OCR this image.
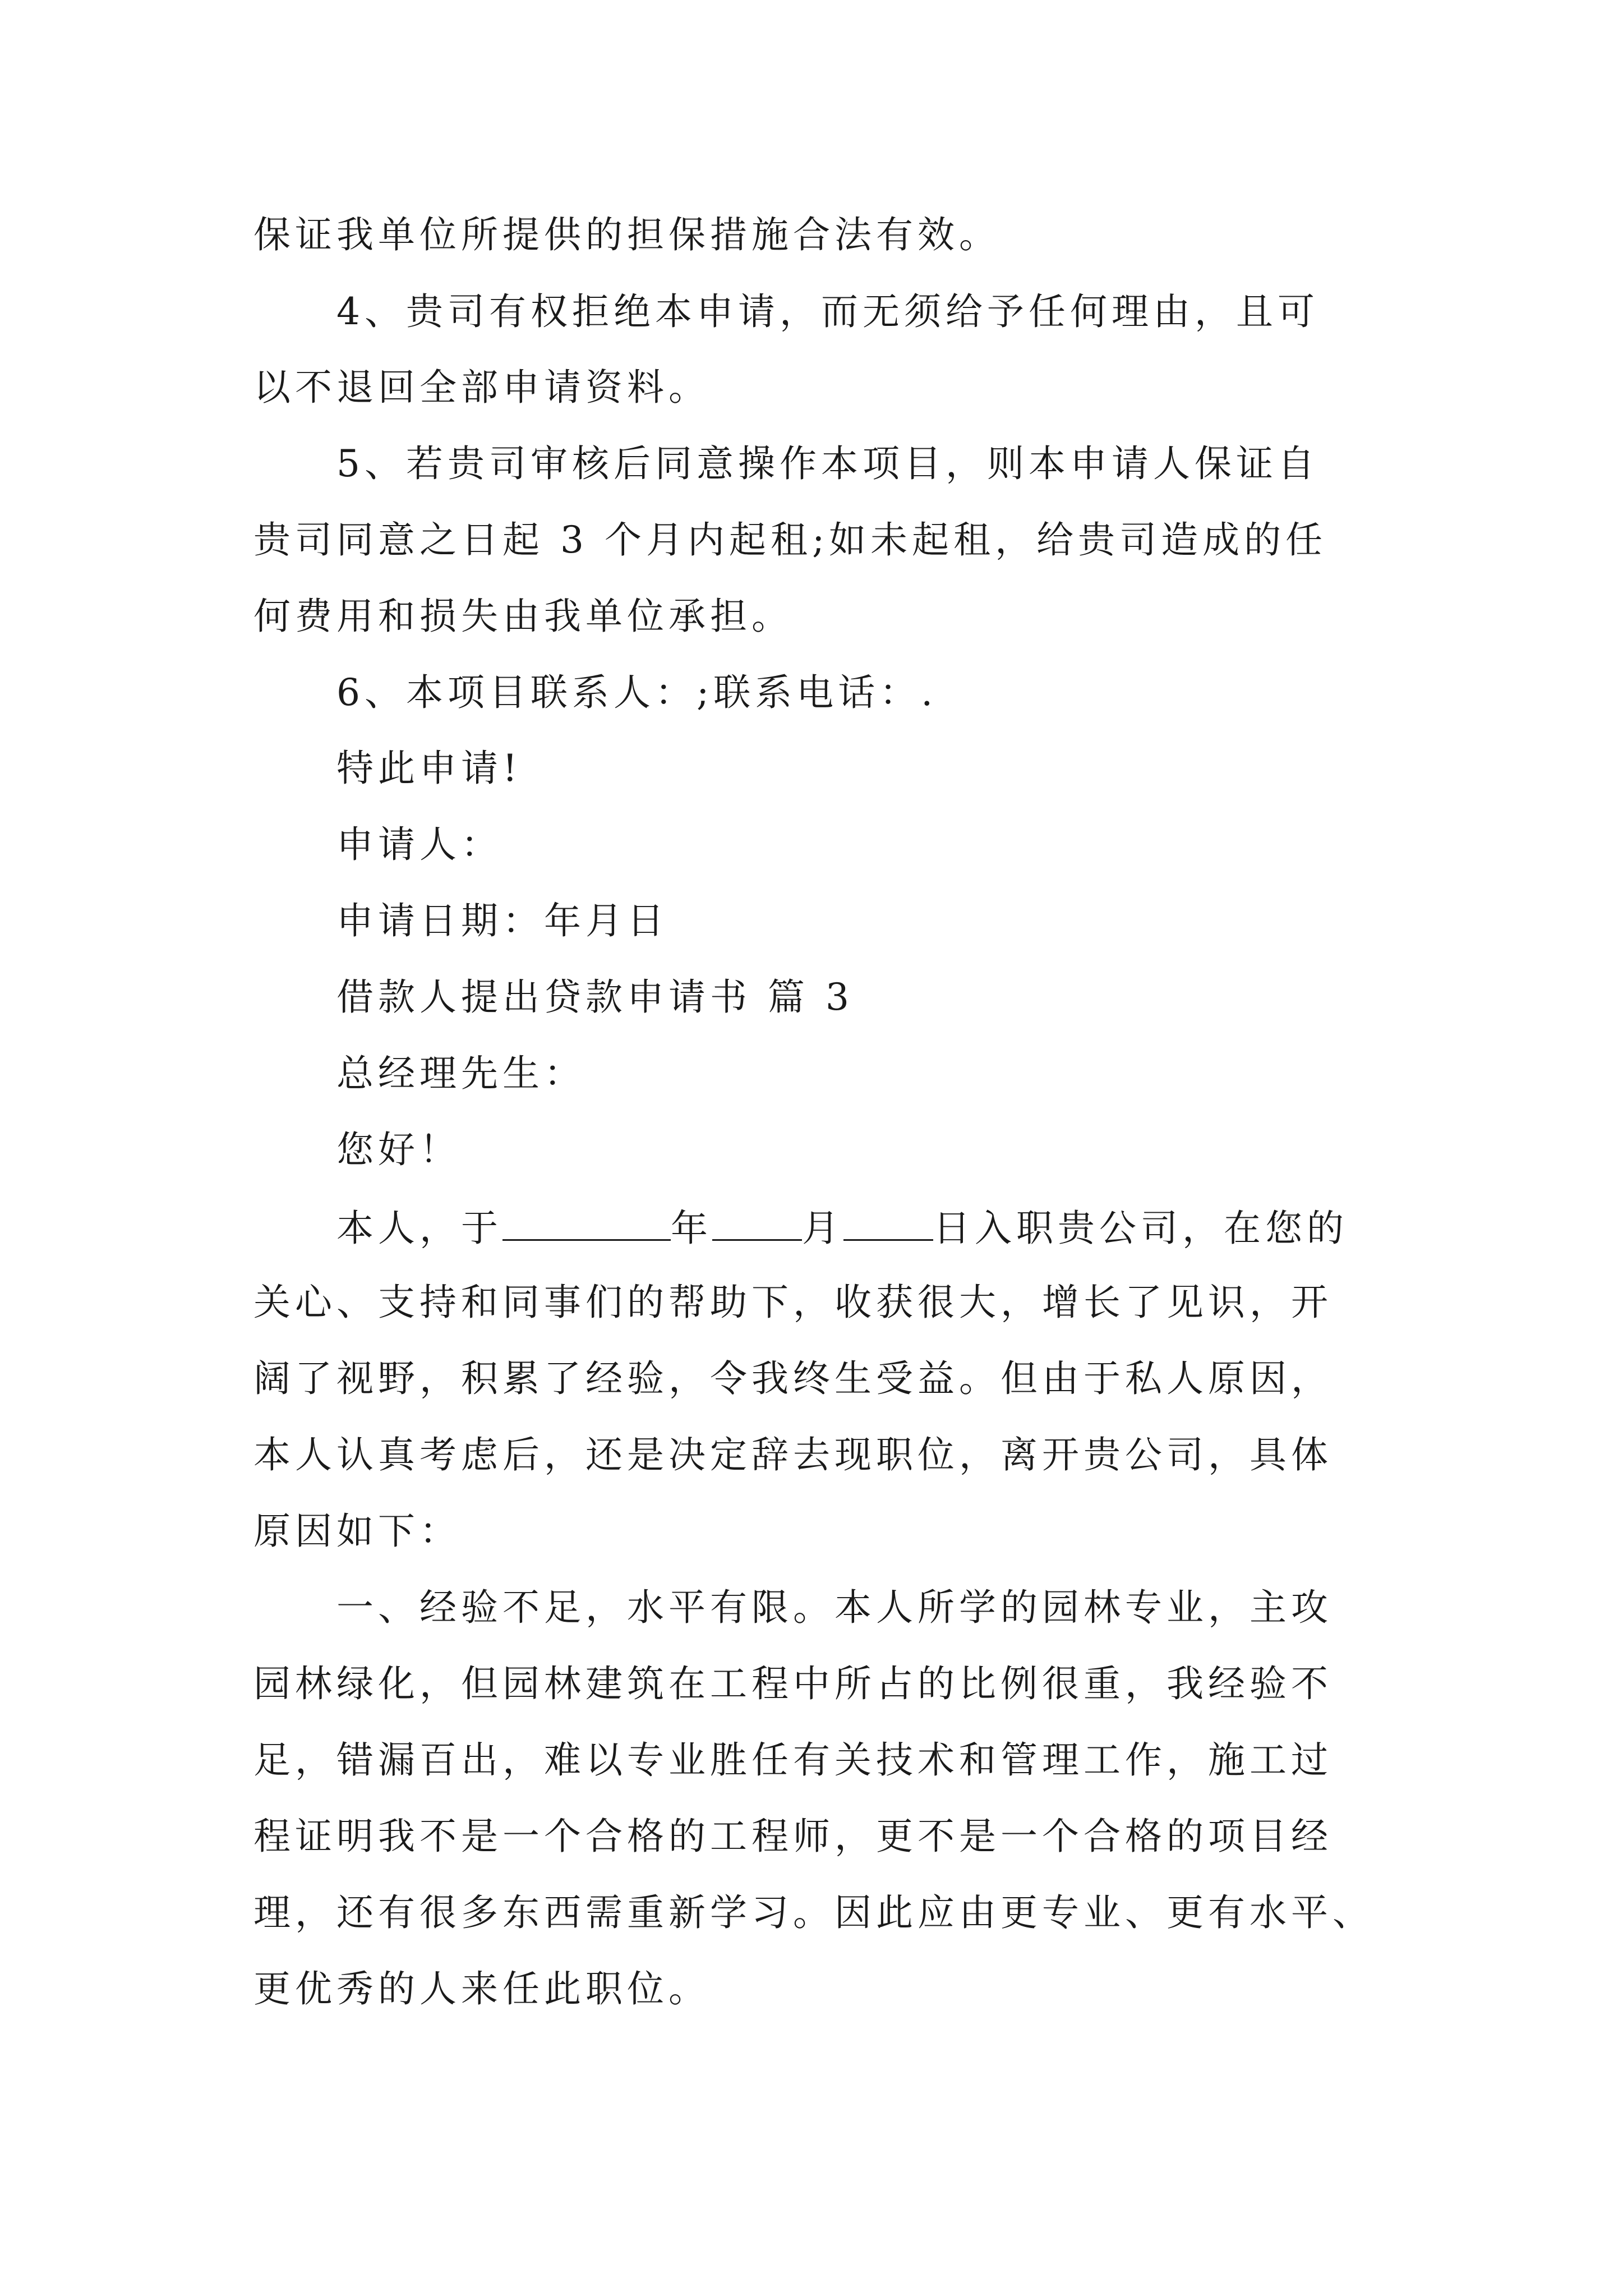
保证我单位所提供的担保措施合法有效。
4、贵司有权拒绝本申请，而无须给予任何理由，且可
以不退回全部申请资料。
5、若贵司审核后同意操作本项目，则本申请人保证自
贵司同意之日起 3 个月内起租;如未起租，给贵司造成的任
何费用和损失由我单位承担。
6、本项目联系人：;联系电话：.
特此申请!
申请人：
申请日期：年月日
借款人提出贷款申请书 篇 3
总经理先生：
您好！
本人，于	年 月 日入职贵公司，在您的
关心、支持和同事们的帮助下，收获很大，增长了见识，开
阔了视野，积累了经验，令我终生受益。但由于私人原因，
本人认真考虑后，还是决定辞去现职位，离开贵公司，具体
原因如下：
一、经验不足，水平有限。本人所学的园林专业，主攻
园林绿化，但园林建筑在工程中所占的比例很重，我经验不
足，错漏百出，难以专业胜任有关技术和管理工作，施工过
程证明我不是一个合格的工程师，更不是一个合格的项目经
理，还有很多东西需重新学习。因此应由更专业、更有水平、
更优秀的人来任此职位。
